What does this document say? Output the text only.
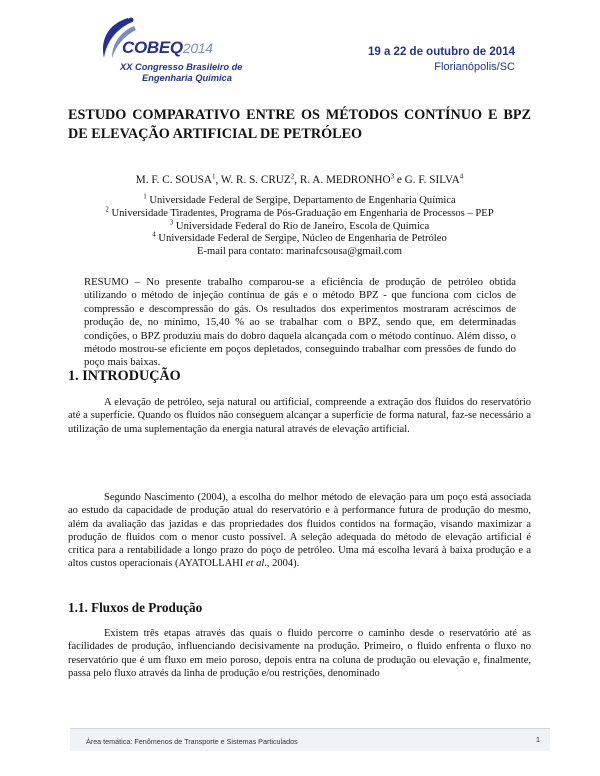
COBEQ2014
XX Congresso Brasileiro de
Engenharia Química
19 a 22 de outubro de 2014
Florianópolis/SC
ESTUDO COMPARATIVO ENTRE OS MÉTODOS CONTÍNUO E BPZ DE ELEVAÇÃO ARTIFICIAL DE PETRÓLEO
M. F. C. SOUSA$^1$, W. R. S. CRUZ$^2$, R. A. MEDRONHO$^3$ e G. F. SILVA$^4$
$^1$ Universidade Federal de Sergipe, Departamento de Engenharia Química
$^2$ Universidade Tiradentes, Programa de Pós-Graduação em Engenharia de Processos – PEP
$^3$ Universidade Federal do Rio de Janeiro, Escola de Química
$^4$ Universidade Federal de Sergipe, Núcleo de Engenharia de Petróleo
E-mail para contato: marinafcsousa@gmail.com
RESUMO – No presente trabalho comparou-se a eficiência de produção de petróleo obtida utilizando o método de injeção contínua de gás e o método BPZ - que funciona com ciclos de compressão e descompressão do gás. Os resultados dos experimentos mostraram acréscimos de produção de, no mínimo, 15,40 % ao se trabalhar com o BPZ, sendo que, em determinadas condições, o BPZ produziu mais do dobro daquela alcançada com o método contínuo. Além disso, o método mostrou-se eficiente em poços depletados, conseguindo trabalhar com pressões de fundo do poço mais baixas.
1. INTRODUÇÃO
A elevação de petróleo, seja natural ou artificial, compreende a extração dos fluidos do reservatório até a superfície. Quando os fluidos não conseguem alcançar a superfície de forma natural, faz-se necessário a utilização de uma suplementação da energia natural através de elevação artificial.
Segundo Nascimento (2004), a escolha do melhor método de elevação para um poço está associada ao estudo da capacidade de produção atual do reservatório e à performance futura de produção do mesmo, além da avaliação das jazidas e das propriedades dos fluidos contidos na formação, visando maximizar a produção de fluidos com o menor custo possível. A seleção adequada do método de elevação artificial é crítica para a rentabilidade a longo prazo do poço de petróleo. Uma má escolha levará à baixa produção e a altos custos operacionais (AYATOLLAHI et al., 2004).
1.1. Fluxos de Produção
Existem três etapas através das quais o fluido percorre o caminho desde o reservatório até as facilidades de produção, influenciando decisivamente na produção. Primeiro, o fluido enfrenta o fluxo no reservatório que é um fluxo em meio poroso, depois entra na coluna de produção ou elevação e, finalmente, passa pelo fluxo através da linha de produção e/ou restrições, denominado
Área temática: Fenômenos de Transporte e Sistemas Particulados	1
